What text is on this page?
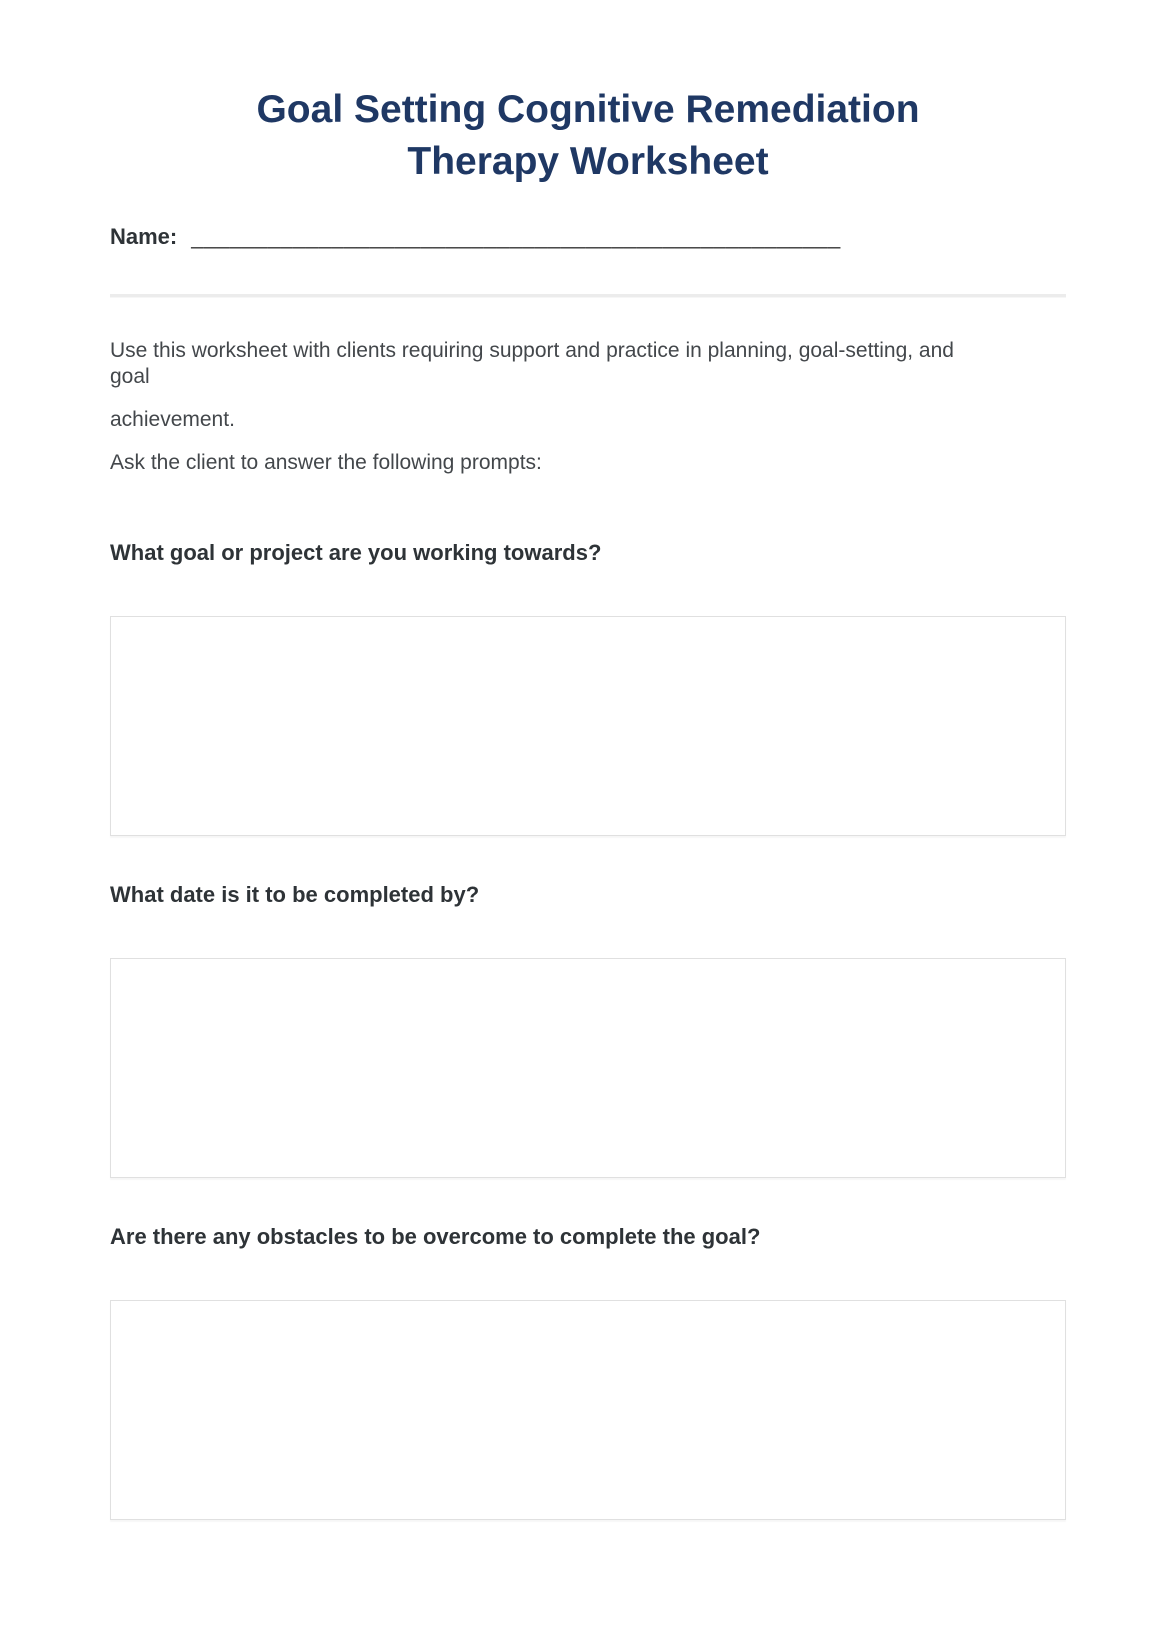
Goal Setting Cognitive Remediation
Therapy Worksheet
Name: ___________________________________________________

Use this worksheet with clients requiring support and practice in planning, goal-setting, and
goal

achievement.

Ask the client to answer the following prompts:

What goal or project are you working towards?
What date is it to be completed by?
Are there any obstacles to be overcome to complete the goal?
